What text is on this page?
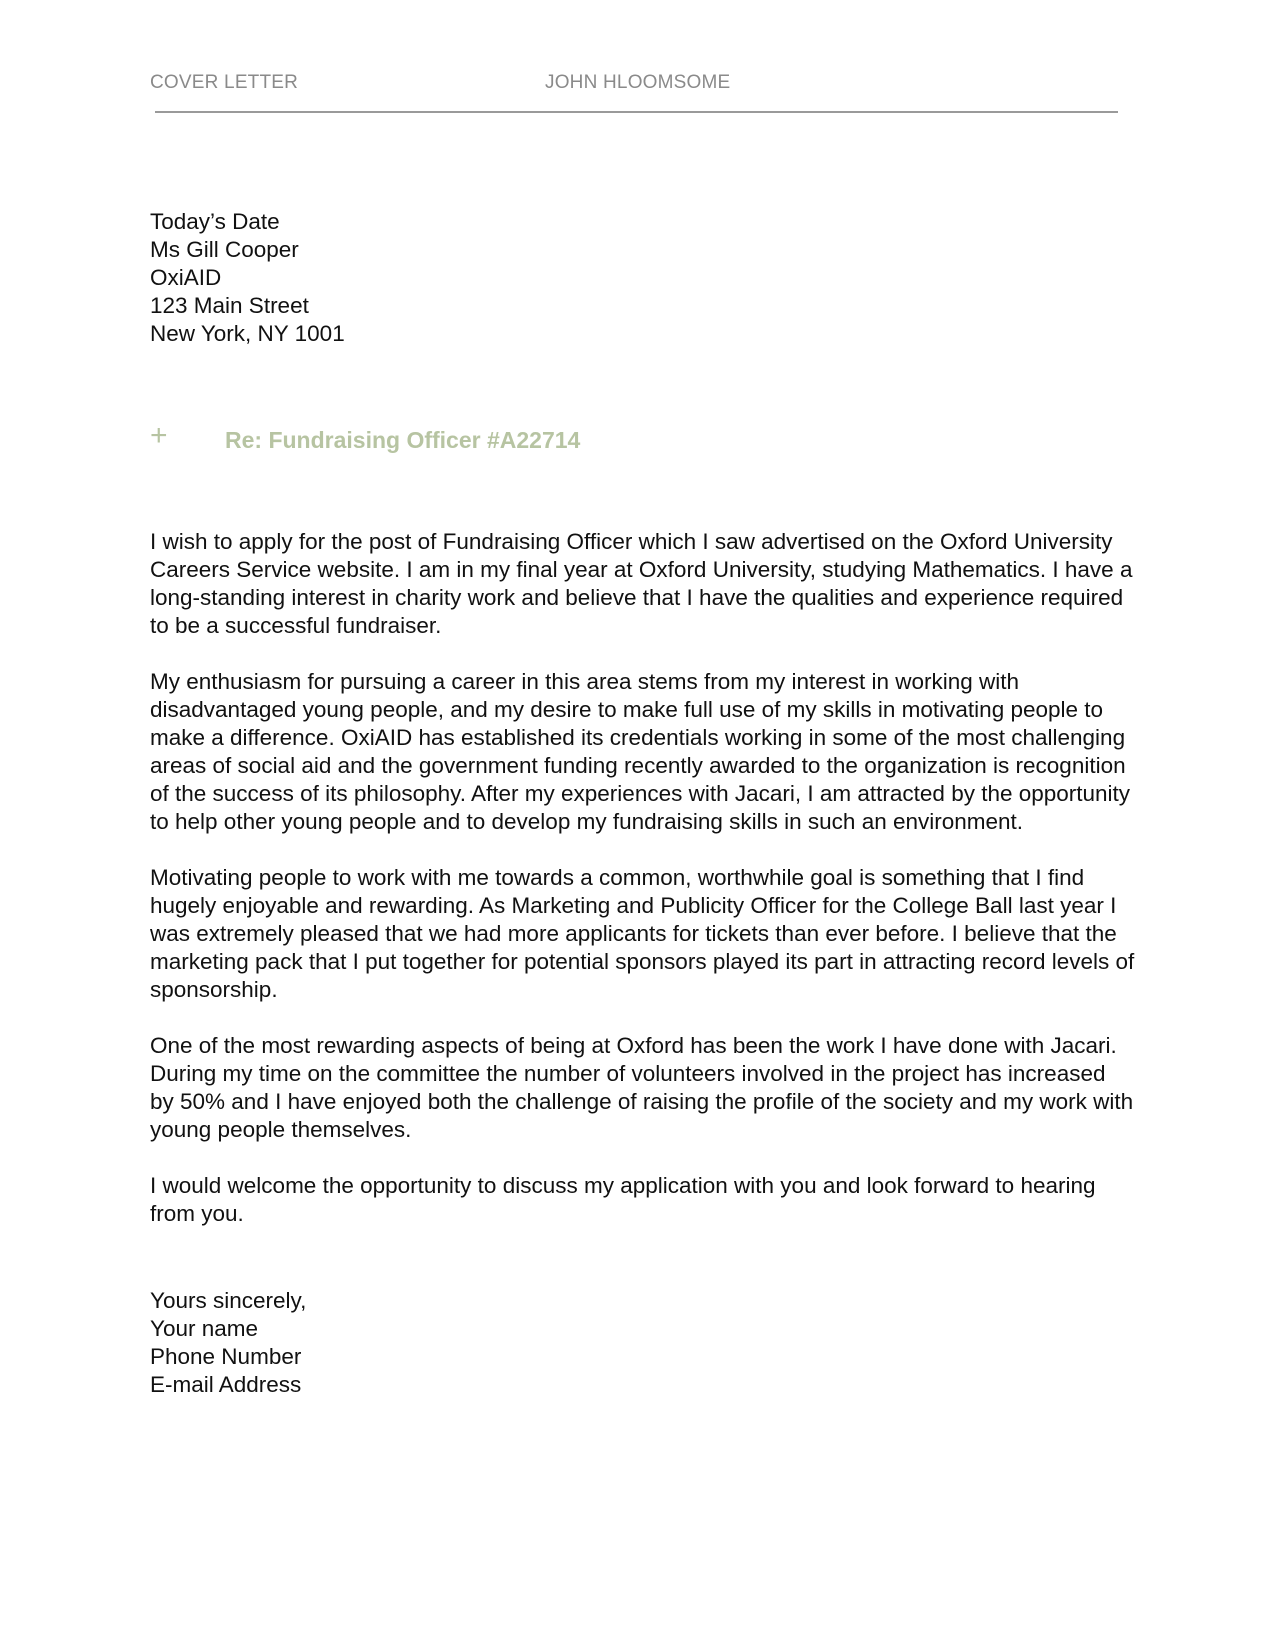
COVER LETTER	JOHN HLOOMSOME
Today’s Date
Ms Gill Cooper
OxiAID
123 Main Street
New York, NY 1001
+ Re: Fundraising Officer #A22714

I wish to apply for the post of Fundraising Officer which I saw advertised on the Oxford University Careers Service website. I am in my final year at Oxford University, studying Mathematics. I have a long-standing interest in charity work and believe that I have the qualities and experience required to be a successful fundraiser.

My enthusiasm for pursuing a career in this area stems from my interest in working with disadvantaged young people, and my desire to make full use of my skills in motivating people to make a difference. OxiAID has established its credentials working in some of the most challenging areas of social aid and the government funding recently awarded to the organization is recognition of the success of its philosophy. After my experiences with Jacari, I am attracted by the opportunity to help other young people and to develop my fundraising skills in such an environment.

Motivating people to work with me towards a common, worthwhile goal is something that I find hugely enjoyable and rewarding. As Marketing and Publicity Officer for the College Ball last year I was extremely pleased that we had more applicants for tickets than ever before. I believe that the marketing pack that I put together for potential sponsors played its part in attracting record levels of sponsorship.

One of the most rewarding aspects of being at Oxford has been the work I have done with Jacari. During my time on the committee the number of volunteers involved in the project has increased by 50% and I have enjoyed both the challenge of raising the profile of the society and my work with young people themselves.

I would welcome the opportunity to discuss my application with you and look forward to hearing from you.

Yours sincerely,
Your name
Phone Number
E-mail Address
